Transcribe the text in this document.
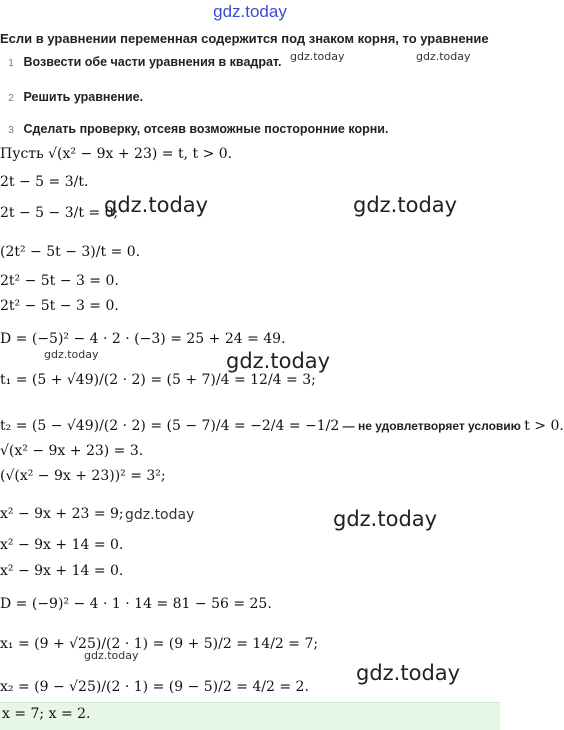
gdz.today
Если в уравнении переменная содержится под знаком корня, то уравнение
1 Возвести обе части уравнения в квадрат.
2 Решить уравнение.
3 Сделать проверку, отсеяв возможные посторонние корни.
Пусть √(x² − 9x + 23) = t, t > 0.
2t − 5 = 3/t.
2t − 5 − 3/t = 0;
(2t² − 5t − 3)/t = 0.
2t² − 5t − 3 = 0.
2t² − 5t − 3 = 0.
D = (−5)² − 4 · 2 · (−3) = 25 + 24 = 49.
t₁ = (5 + √49)/(2 · 2) = (5 + 7)/4 = 12/4 = 3;
t₂ = (5 − √49)/(2 · 2) = (5 − 7)/4 = −2/4 = −1/2 — не удовлетворяет условию t > 0.
√(x² − 9x + 23) = 3.
(√(x² − 9x + 23))² = 3²;
x² − 9x + 23 = 9;
x² − 9x + 14 = 0.
x² − 9x + 14 = 0.
D = (−9)² − 4 · 1 · 14 = 81 − 56 = 25.
x₁ = (9 + √25)/(2 · 1) = (9 + 5)/2 = 14/2 = 7;
x₂ = (9 − √25)/(2 · 1) = (9 − 5)/2 = 4/2 = 2.
x = 7; x = 2.
gdz.today	gdz.today
gdz.today	gdz.today
gdz.today	gdz.today
gdz.today	gdz.today
gdz.today
gdz.today
